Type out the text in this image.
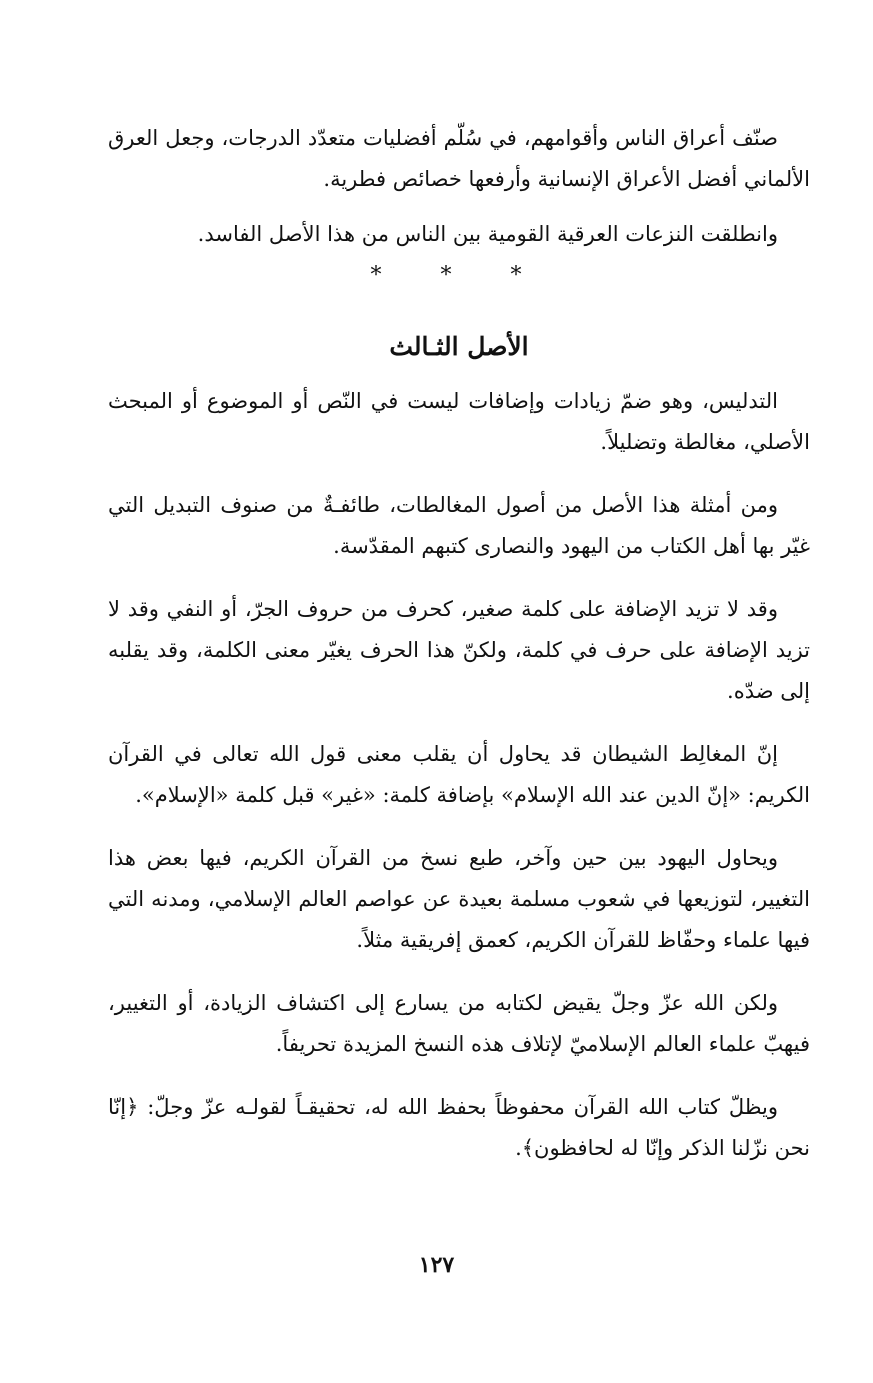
صنّف أعراق الناس وأقوامهم، في سُلّم أفضليات متعدّد الدرجات، وجعل العرق الألماني أفضل الأعراق الإنسانية وأرفعها خصائص فطرية.

وانطلقت النزعات العرقية القومية بين الناس من هذا الأصل الفاسد.

* * *
الأصل الثـالث

التدليس، وهو ضمّ زيادات وإضافات ليست في النّص أو الموضوع أو المبحث الأصلي، مغالطة وتضليلاً.

ومن أمثلة هذا الأصل من أصول المغالطات، طائفـةٌ من صنوف التبديل التي غيّر بها أهل الكتاب من اليهود والنصارى كتبهم المقدّسة.

وقد لا تزيد الإضافة على كلمة صغير، كحرف من حروف الجرّ، أو النفي وقد لا تزيد الإضافة على حرف في كلمة، ولكنّ هذا الحرف يغيّر معنى الكلمة، وقد يقلبه إلى ضدّه.

إنّ المغالِط الشيطان قد يحاول أن يقلب معنى قول الله تعالى في القرآن الكريم: «إنّ الدين عند الله الإسلام» بإضافة كلمة: «غير» قبل كلمة «الإسلام».

ويحاول اليهود بين حين وآخر، طبع نسخ من القرآن الكريم، فيها بعض هذا التغيير، لتوزيعها في شعوب مسلمة بعيدة عن عواصم العالم الإسلامي، ومدنه التي فيها علماء وحفّاظ للقرآن الكريم، كعمق إفريقية مثلاً.

ولكن الله عزّ وجلّ يقيض لكتابه من يسارع إلى اكتشاف الزيادة، أو التغيير، فيهبّ علماء العالم الإسلاميّ لإتلاف هذه النسخ المزيدة تحريفاً.

ويظلّ كتاب الله القرآن محفوظاً بحفظ الله له، تحقيقـاً لقولـه عزّ وجلّ: ﴿إنّا نحن نزّلنا الذكر وإنّا له لحافظون﴾.

١٢٧
